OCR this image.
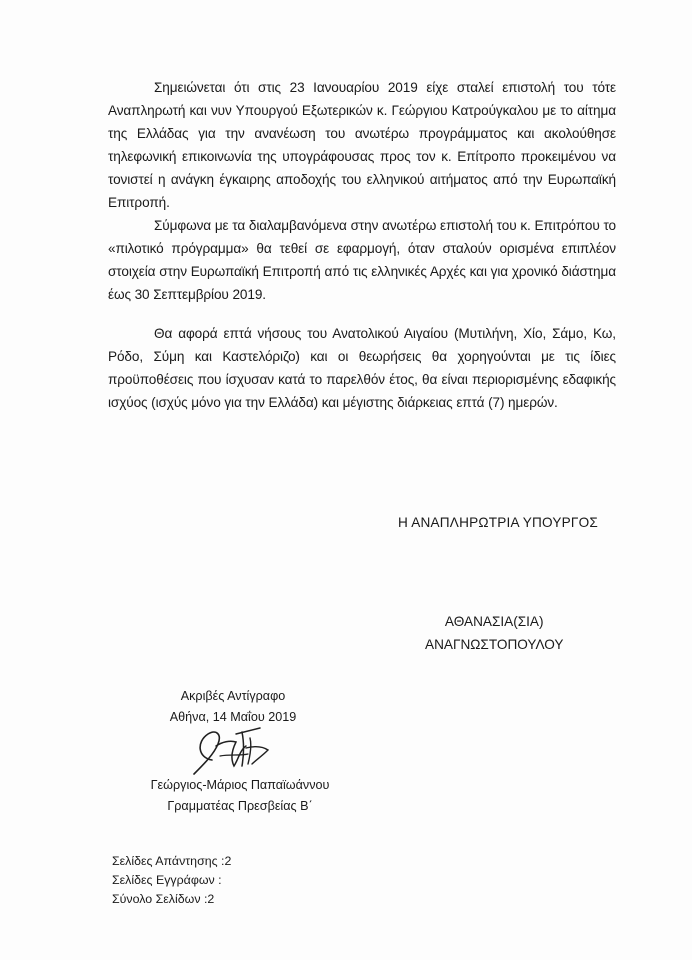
Σημειώνεται ότι στις 23 Ιανουαρίου 2019 είχε σταλεί επιστολή του τότε Αναπληρωτή και νυν Υπουργού Εξωτερικών κ. Γεώργιου Κατρούγκαλου με το αίτημα της Ελλάδας για την ανανέωση του ανωτέρω προγράμματος και ακολούθησε τηλεφωνική επικοινωνία της υπογράφουσας προς τον κ. Επίτροπο προκειμένου να τονιστεί η ανάγκη έγκαιρης αποδοχής του ελληνικού αιτήματος από την Ευρωπαϊκή Επιτροπή.

Σύμφωνα με τα διαλαμβανόμενα στην ανωτέρω επιστολή του κ. Επιτρόπου το «πιλοτικό πρόγραμμα» θα τεθεί σε εφαρμογή, όταν σταλούν ορισμένα επιπλέον στοιχεία στην Ευρωπαϊκή Επιτροπή από τις ελληνικές Αρχές και για χρονικό διάστημα έως 30 Σεπτεμβρίου 2019.

Θα αφορά επτά νήσους του Ανατολικού Αιγαίου (Μυτιλήνη, Χίο, Σάμο, Κω, Ρόδο, Σύμη και Καστελόριζο) και οι θεωρήσεις θα χορηγούνται με τις ίδιες προϋποθέσεις που ίσχυσαν κατά το παρελθόν έτος, θα είναι περιορισμένης εδαφικής ισχύος (ισχύς μόνο για την Ελλάδα) και μέγιστης διάρκειας επτά (7) ημερών.

Η ΑΝΑΠΛΗΡΩΤΡΙΑ ΥΠΟΥΡΓΟΣ
ΑΘΑΝΑΣΙΑ(ΣΙΑ)
ΑΝΑΓΝΩΣΤΟΠΟΥΛΟΥ
Ακριβές Αντίγραφο
Αθήνα, 14 Μαΐου 2019
Γεώργιος-Μάριος Παπαϊωάννου
Γραμματέας Πρεσβείας Β΄
Σελίδες Απάντησης :2
Σελίδες Εγγράφων :
Σύνολο Σελίδων :2
